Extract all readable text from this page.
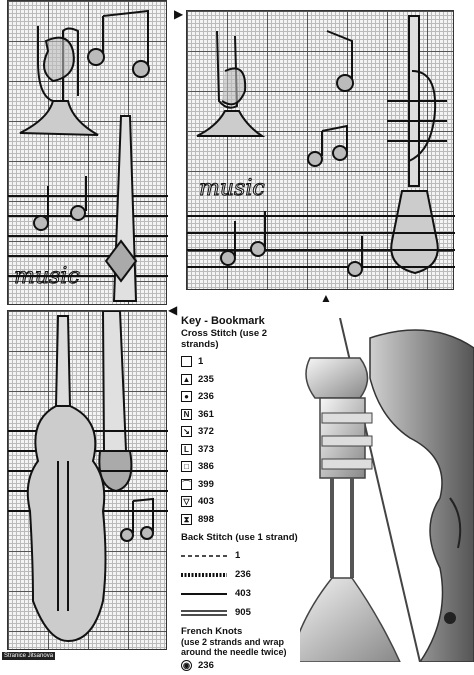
music
music
▶
▲
◀
Key - Bookmark
Cross Stitch (use 2 strands)
1
▲ 235
● 236
N 361
↘ 372
L 373
□ 386
⌒ 399
▽ 403
⧗ 898
Back Stitch (use 1 strand)
1
236
403
905
French Knots
(use 2 strands and wrap around the needle twice)
◉ 236
Stranice Jitsanova
